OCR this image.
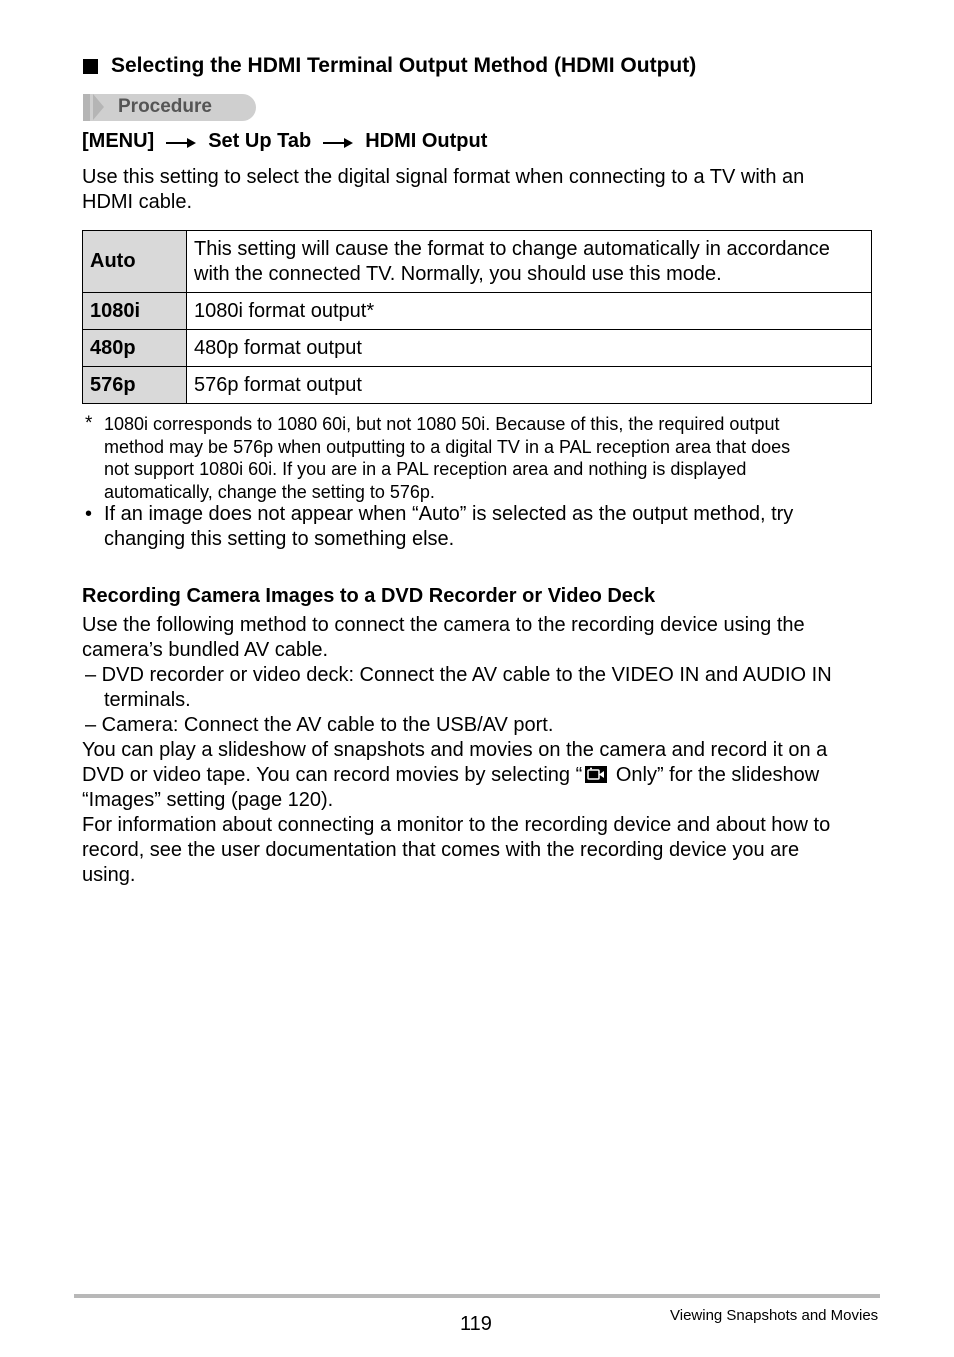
Selecting the HDMI Terminal Output Method (HDMI Output)
Procedure
[MENU]	Set Up Tab	HDMI Output
Use this setting to select the digital signal format when connecting to a TV with an
HDMI cable.
Auto	This setting will cause the format to change automatically in accordance
with the connected TV. Normally, you should use this mode.

1080i	1080i format output*
480p	480p format output
576p	576p format output
* 1080i corresponds to 1080 60i, but not 1080 50i. Because of this, the required output
method may be 576p when outputting to a digital TV in a PAL reception area that does
not support 1080i 60i. If you are in a PAL reception area and nothing is displayed
automatically, change the setting to 576p.
• If an image does not appear when “Auto” is selected as the output method, try
changing this setting to something else.
Recording Camera Images to a DVD Recorder or Video Deck
Use the following method to connect the camera to the recording device using the
camera’s bundled AV cable.
– DVD recorder or video deck: Connect the AV cable to the VIDEO IN and AUDIO IN
terminals.
– Camera: Connect the AV cable to the USB/AV port.
You can play a slideshow of snapshots and movies on the camera and record it on a
DVD or video tape. You can record movies by selecting “
Only” for the slideshow
“Images” setting (page 120).
For information about connecting a monitor to the recording device and about how to
record, see the user documentation that comes with the recording device you are
using.
119	Viewing Snapshots and Movies
